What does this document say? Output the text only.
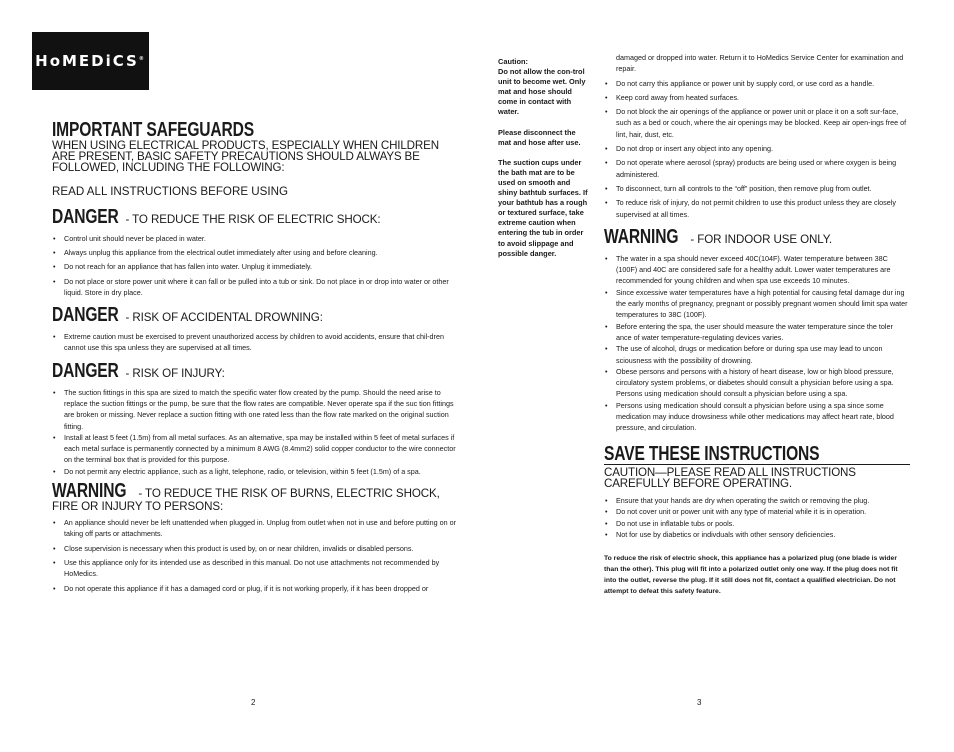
HoMEDiCS®
IMPORTANT SAFEGUARDS
WHEN USING ELECTRICAL PRODUCTS, ESPECIALLY WHEN CHILDREN ARE PRESENT, BASIC SAFETY PRECAUTIONS SHOULD ALWAYS BE FOLLOWED, INCLUDING THE FOLLOWING:
READ ALL INSTRUCTIONS BEFORE USING
DANGER - TO REDUCE THE RISK OF ELECTRIC SHOCK:
• Control unit should never be placed in water.
• Always unplug this appliance from the electrical outlet immediately after using and before cleaning.
• Do not reach for an appliance that has fallen into water. Unplug it immediately.
• Do not place or store power unit where it can fall or be pulled into a tub or sink. Do not place in or drop into water or other liquid. Store in dry place.
DANGER - RISK OF ACCIDENTAL DROWNING:
• Extreme caution must be exercised to prevent unauthorized access by children to avoid accidents, ensure that chil-dren cannot use this spa unless they are supervised at all times.
DANGER - RISK OF INJURY:
• The suction fittings in this spa are sized to match the specific water flow created by the pump. Should the need arise to replace the suction fittings or the pump, be sure that the flow rates are compatible. Never operate spa if the suc tion fittings are broken or missing. Never replace a suction fitting with one rated less than the flow rate marked on the original suction fitting.
• Install at least 5 feet (1.5m) from all metal surfaces. As an alternative, spa may be installed within 5 feet of metal surfaces if each metal surface is permanently connected by a minimum 8 AWG (8.4mm2) solid copper conductor to the wire connector on the terminal box that is provided for this purpose.
• Do not permit any electric appliance, such as a light, telephone, radio, or television, within 5 feet (1.5m) of a spa.
WARNING - TO REDUCE THE RISK OF BURNS, ELECTRIC SHOCK, FIRE OR INJURY TO PERSONS:
• An appliance should never be left unattended when plugged in. Unplug from outlet when not in use and before putting on or taking off parts or attachments.
• Close supervision is necessary when this product is used by, on or near children, invalids or disabled persons.
• Use this appliance only for its intended use as described in this manual. Do not use attachments not recommended by HoMedics.
• Do not operate this appliance if it has a damaged cord or plug, if it is not working properly, if it has been dropped or
2

Caution:
Do not allow the con-trol unit to become wet. Only mat and hose should come in contact with water.

Please disconnect the mat and hose after use.

The suction cups under the bath mat are to be used on smooth and shiny bathtub surfaces. If your bathtub has a rough or textured surface, take extreme caution when entering the tub in order to avoid slippage and possible danger.

damaged or dropped into water. Return it to HoMedics Service Center for examination and repair.
• Do not carry this appliance or power unit by supply cord, or use cord as a handle.
• Keep cord away from heated surfaces.
• Do not block the air openings of the appliance or power unit or place it on a soft sur-face, such as a bed or couch, where the air openings may be blocked. Keep air open-ings free of lint, hair, dust, etc.
• Do not drop or insert any object into any opening.
• Do not operate where aerosol (spray) products are being used or where oxygen is being administered.
• To disconnect, turn all controls to the “off” position, then remove plug from outlet.
• To reduce risk of injury, do not permit children to use this product unless they are closely supervised at all times.
WARNING - FOR INDOOR USE ONLY.
• The water in a spa should never exceed 40C(104F). Water temperature between 38C (100F) and 40C are considered safe for a healthy adult. Lower water temperatures are recommended for young children and when spa use exceeds 10 minutes.
• Since excessive water temperatures have a high potential for causing fetal damage dur ing the early months of pregnancy, pregnant or possibly pregnant women should limit spa water temperatures to 38C (100F).
• Before entering the spa, the user should measure the water temperature since the toler ance of water temperature-regulating devices varies.
• The use of alcohol, drugs or medication before or during spa use may lead to uncon sciousness with the possibility of drowning.
• Obese persons and persons with a history of heart disease, low or high blood pressure, circulatory system problems, or diabetes should consult a physician before using a spa. Persons using medication should consult a physician before using a spa.
• Persons using medication should consult a physician before using a spa since some medication may induce drowsiness while other medications may affect heart rate, blood pressure, and circulation.
SAVE THESE INSTRUCTIONS
CAUTION—PLEASE READ ALL INSTRUCTIONS CAREFULLY BEFORE OPERATING.
• Ensure that your hands are dry when operating the switch or removing the plug.
• Do not cover unit or power unit with any type of material while it is in operation.
• Do not use in inflatable tubs or pools.
• Not for use by diabetics or indivduals with other sensory deficiencies.
To reduce the risk of electric shock, this appliance has a polarized plug (one blade is wider than the other). This plug will fit into a polarized outlet only one way. If the plug does not fit into the outlet, reverse the plug. If it still does not fit, contact a qualified electrician. Do not attempt to defeat this safety feature.
3
